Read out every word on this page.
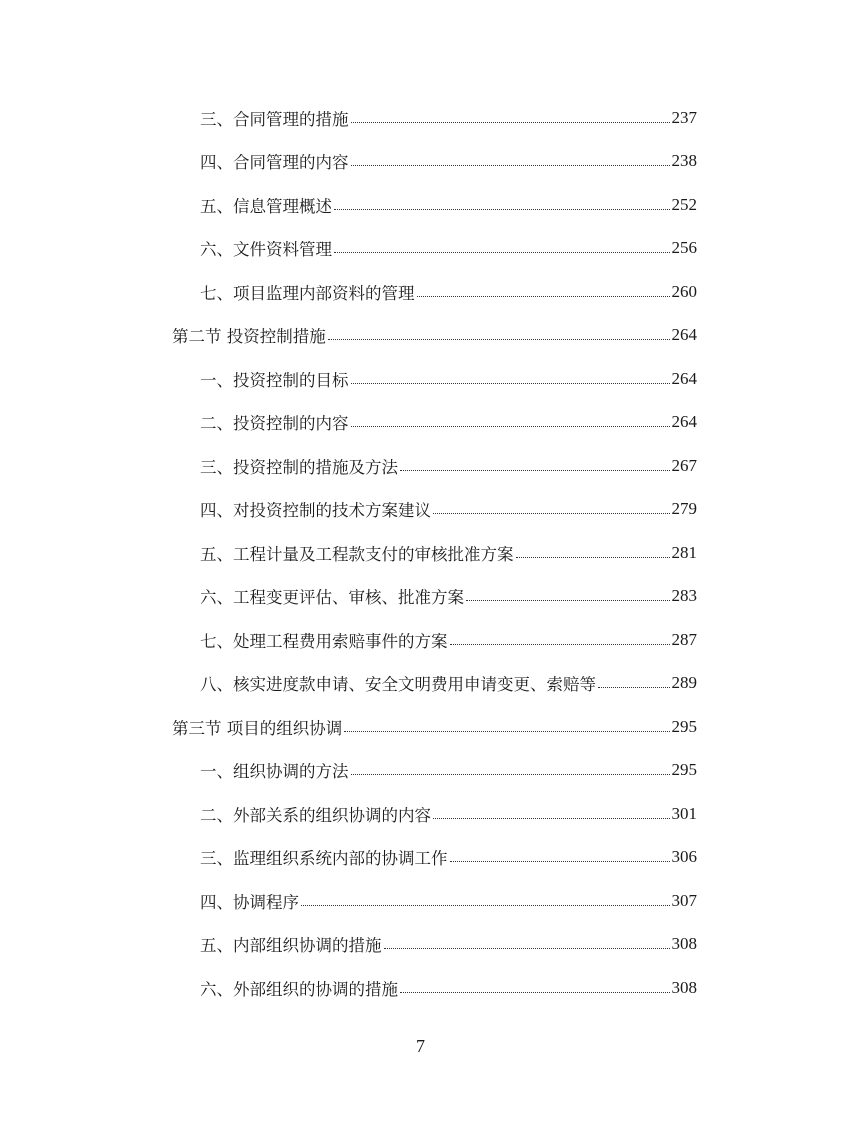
三、合同管理的措施	237
四、合同管理的内容	238
五、信息管理概述	252
六、文件资料管理	256
七、项目监理内部资料的管理	260
第二节 投资控制措施	264
一、投资控制的目标	264
二、投资控制的内容	264
三、投资控制的措施及方法	267
四、对投资控制的技术方案建议	279
五、工程计量及工程款支付的审核批准方案	281
六、工程变更评估、审核、批准方案	283
七、处理工程费用索赔事件的方案	287
八、核实进度款申请、安全文明费用申请变更、索赔等	289
第三节 项目的组织协调	295
一、组织协调的方法	295
二、外部关系的组织协调的内容	301
三、监理组织系统内部的协调工作	306
四、协调程序	307
五、内部组织协调的措施	308
六、外部组织的协调的措施	308
7
